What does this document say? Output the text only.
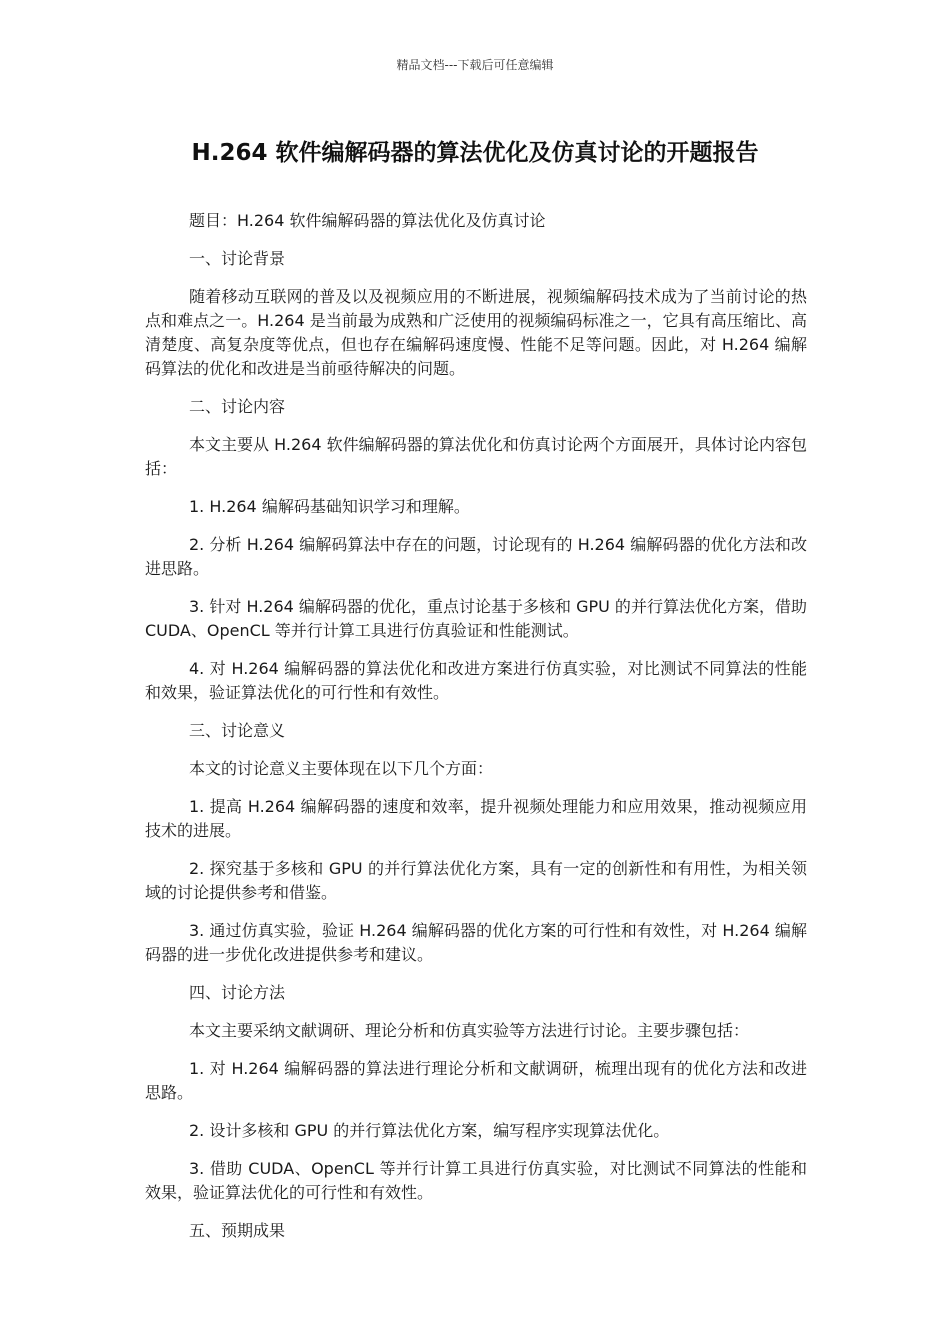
精品文档---下载后可任意编辑
H.264 软件编解码器的算法优化及仿真讨论的开题报告

题目：H.264 软件编解码器的算法优化及仿真讨论

一、讨论背景

随着移动互联网的普及以及视频应用的不断进展，视频编解码技术成为了当前讨论的热点和难点之一。H.264 是当前最为成熟和广泛使用的视频编码标准之一，它具有高压缩比、高清楚度、高复杂度等优点，但也存在编解码速度慢、性能不足等问题。因此，对 H.264 编解码算法的优化和改进是当前亟待解决的问题。

二、讨论内容

本文主要从 H.264 软件编解码器的算法优化和仿真讨论两个方面展开，具体讨论内容包括：

1. H.264 编解码基础知识学习和理解。

2. 分析 H.264 编解码算法中存在的问题，讨论现有的 H.264 编解码器的优化方法和改进思路。

3. 针对 H.264 编解码器的优化，重点讨论基于多核和 GPU 的并行算法优化方案，借助 CUDA、OpenCL 等并行计算工具进行仿真验证和性能测试。

4. 对 H.264 编解码器的算法优化和改进方案进行仿真实验，对比测试不同算法的性能和效果，验证算法优化的可行性和有效性。

三、讨论意义

本文的讨论意义主要体现在以下几个方面：

1. 提高 H.264 编解码器的速度和效率，提升视频处理能力和应用效果，推动视频应用技术的进展。

2. 探究基于多核和 GPU 的并行算法优化方案，具有一定的创新性和有用性，为相关领域的讨论提供参考和借鉴。

3. 通过仿真实验，验证 H.264 编解码器的优化方案的可行性和有效性，对 H.264 编解码器的进一步优化改进提供参考和建议。

四、讨论方法

本文主要采纳文献调研、理论分析和仿真实验等方法进行讨论。主要步骤包括：

1. 对 H.264 编解码器的算法进行理论分析和文献调研，梳理出现有的优化方法和改进思路。

2. 设计多核和 GPU 的并行算法优化方案，编写程序实现算法优化。

3. 借助 CUDA、OpenCL 等并行计算工具进行仿真实验，对比测试不同算法的性能和效果，验证算法优化的可行性和有效性。

五、预期成果
